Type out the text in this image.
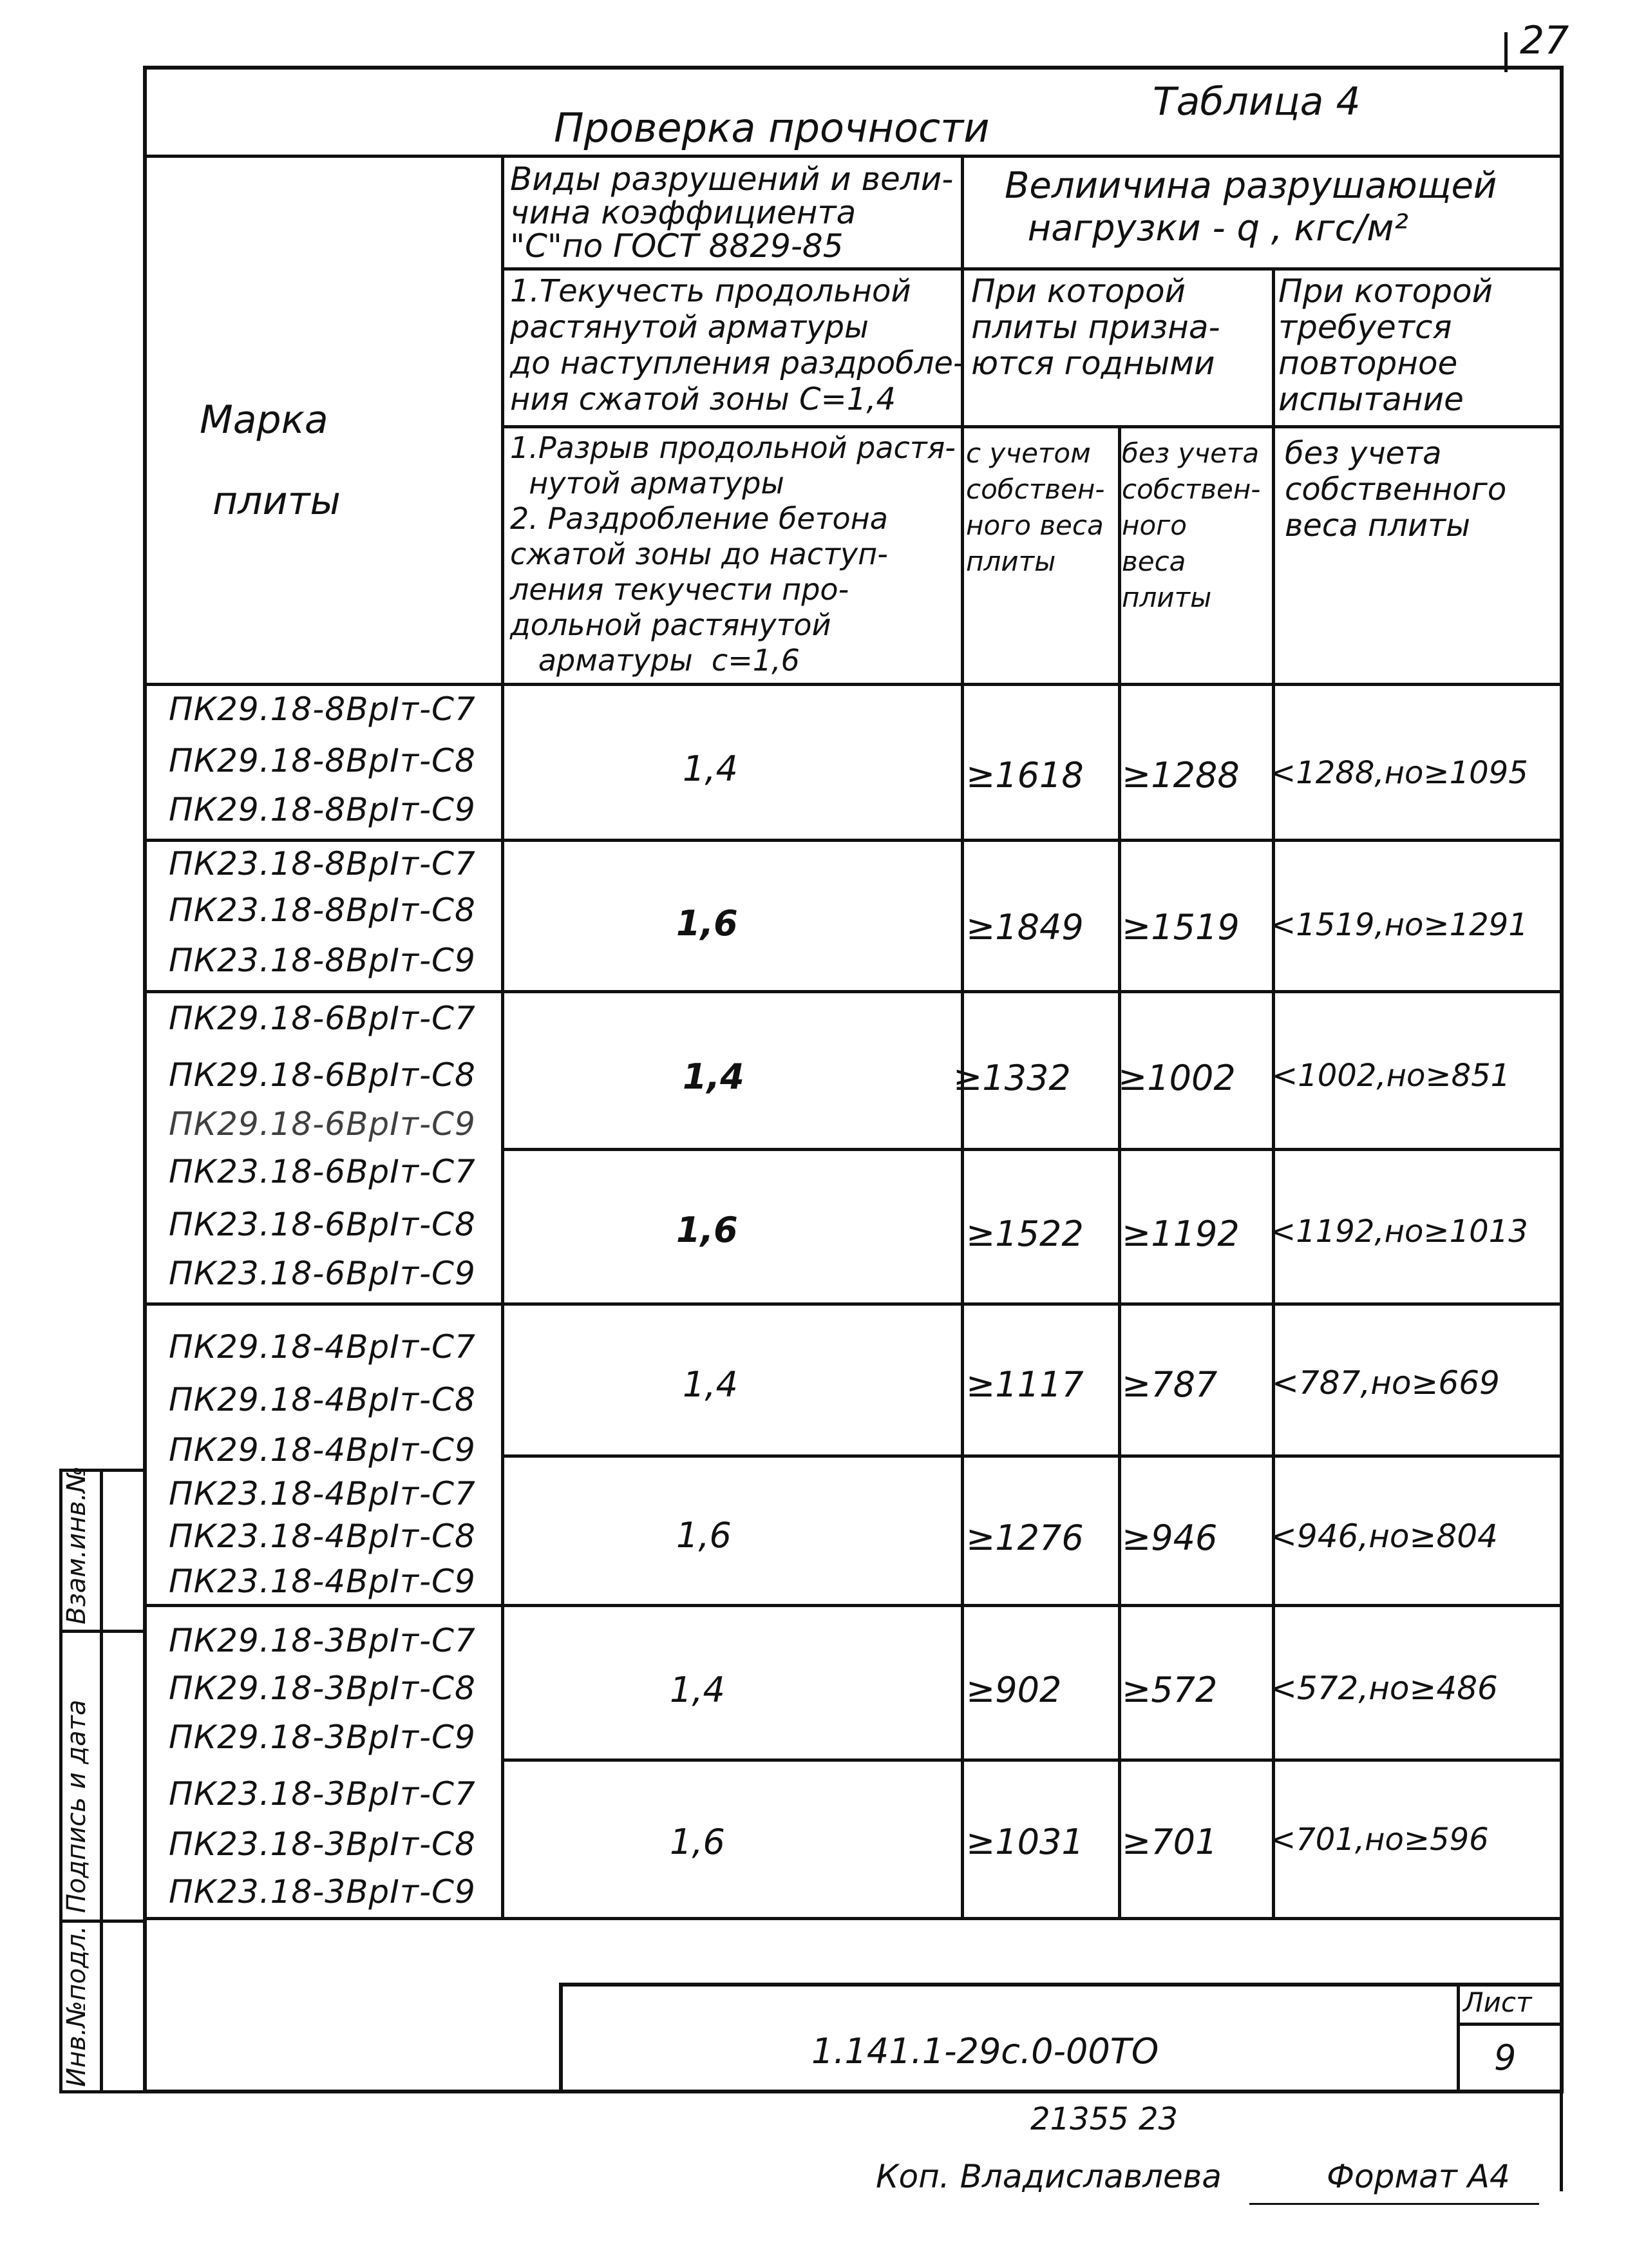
27
Проверка прочности
Таблица 4
Марка
плиты
Виды разрушений и вели-
чина коэффициента
"С"по ГОСТ 8829-85
Велиичина разрушающей
нагрузки - q , кгс/м²
1.Текучесть продольной
растянутой арматуры
до наступления раздробле-
ния сжатой зоны С=1,4
При которой
плиты призна-
ются годными
При которой
требуется
повторное
испытание
1.Разрыв продольной растя-
нутой арматуры
2. Раздробление бетона
сжатой зоны до наступ-
ления текучести про-
дольной растянутой
арматуры  с=1,6
с учетом
собствен-
ного веса
плиты
без учета
собствен-
ного
веса
плиты
без учета
собственного
веса плиты
ПК29.18-8ВрIт-С7
ПК29.18-8ВрIт-С8
ПК29.18-8ВрIт-С9
1,4	≥1618 ≥1288 <1288,но≥1095
ПК23.18-8ВрIт-С7
ПК23.18-8ВрIт-С8
ПК23.18-8ВрIт-С9
1,6	≥1849 ≥1519 <1519,но≥1291
ПК29.18-6ВрIт-С7
ПК29.18-6ВрIт-С8
ПК29.18-6ВрIт-С9
1,4	≥1332 ≥1002 <1002,но≥851
ПК23.18-6ВрIт-С7
ПК23.18-6ВрIт-С8
ПК23.18-6ВрIт-С9
1,6	≥1522 ≥1192 <1192,но≥1013
ПК29.18-4ВрIт-С7
ПК29.18-4ВрIт-С8
ПК29.18-4ВрIт-С9
1,4	≥1117 ≥787 <787,но≥669
ПК23.18-4ВрIт-С7
ПК23.18-4ВрIт-С8
ПК23.18-4ВрIт-С9
1,6	≥1276 ≥946 <946,но≥804
ПК29.18-3ВрIт-С7
ПК29.18-3ВрIт-С8
ПК29.18-3ВрIт-С9
1,4	≥902 ≥572 <572,но≥486
ПК23.18-3ВрIт-С7
ПК23.18-3ВрIт-С8
ПК23.18-3ВрIт-С9
1,6	≥1031 ≥701 <701,но≥596
1.141.1-29с.0-00ТО
Лист
9
Инв.№подл.
Подпись и дата
Взам.инв.№
21355 23
Коп. Владиславлева	Формат А4
